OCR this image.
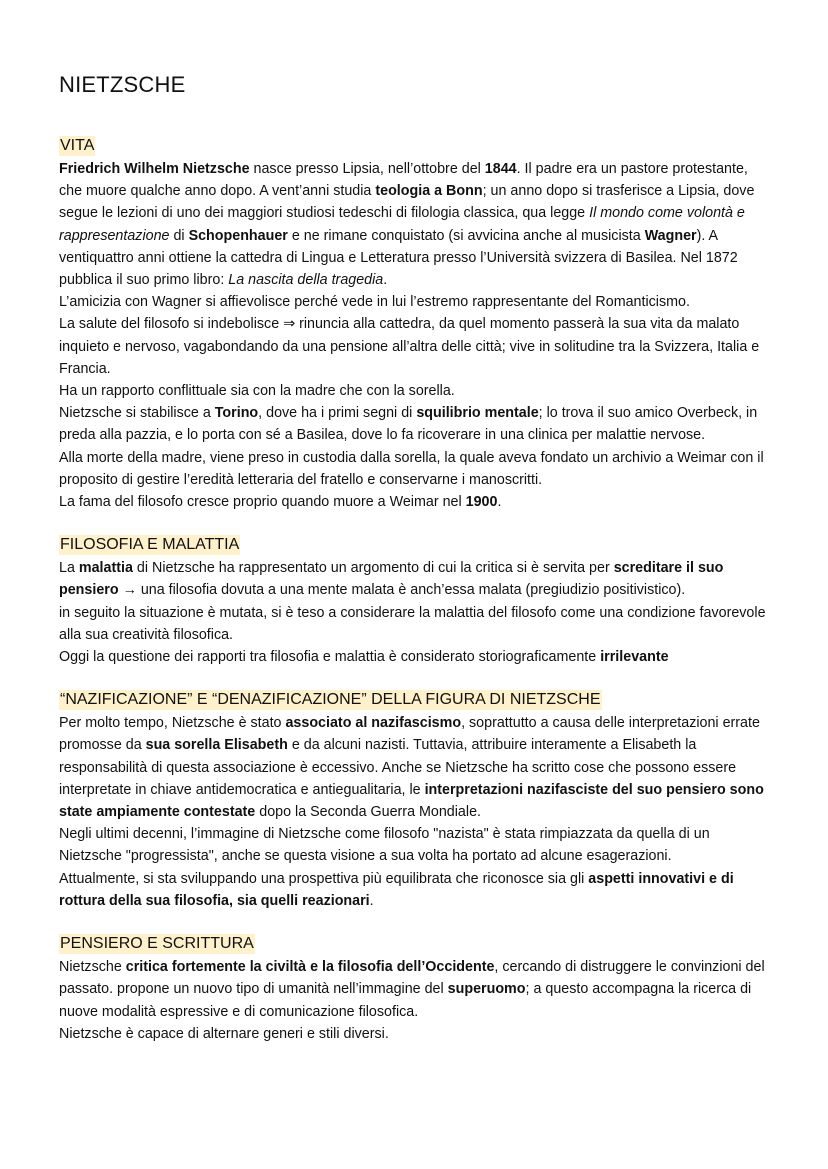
NIETZSCHE
VITA

Friedrich Wilhelm Nietzsche nasce presso Lipsia, nell’ottobre del 1844. Il padre era un pastore protestante, che muore qualche anno dopo. A vent’anni studia teologia a Bonn; un anno dopo si trasferisce a Lipsia, dove segue le lezioni di uno dei maggiori studiosi tedeschi di filologia classica, qua legge Il mondo come volontà e rappresentazione di Schopenhauer e ne rimane conquistato (si avvicina anche al musicista Wagner). A ventiquattro anni ottiene la cattedra di Lingua e Letteratura presso l’Università svizzera di Basilea. Nel 1872 pubblica il suo primo libro: La nascita della tragedia.

L’amicizia con Wagner si affievolisce perché vede in lui l’estremo rappresentante del Romanticismo.

La salute del filosofo si indebolisce ⇒ rinuncia alla cattedra, da quel momento passerà la sua vita da malato inquieto e nervoso, vagabondando da una pensione all’altra delle città; vive in solitudine tra la Svizzera, Italia e Francia.

Ha un rapporto conflittuale sia con la madre che con la sorella.

Nietzsche si stabilisce a Torino, dove ha i primi segni di squilibrio mentale; lo trova il suo amico Overbeck, in preda alla pazzia, e lo porta con sé a Basilea, dove lo fa ricoverare in una clinica per malattie nervose.

Alla morte della madre, viene preso in custodia dalla sorella, la quale aveva fondato un archivio a Weimar con il proposito di gestire l’eredità letteraria del fratello e conservarne i manoscritti.

La fama del filosofo cresce proprio quando muore a Weimar nel 1900.

FILOSOFIA E MALATTIA

La malattia di Nietzsche ha rappresentato un argomento di cui la critica si è servita per screditare il suo pensiero → una filosofia dovuta a una mente malata è anch’essa malata (pregiudizio positivistico).

in seguito la situazione è mutata, si è teso a considerare la malattia del filosofo come una condizione favorevole alla sua creatività filosofica.

Oggi la questione dei rapporti tra filosofia e malattia è considerato storiograficamente irrilevante

“NAZIFICAZIONE” E “DENAZIFICAZIONE” DELLA FIGURA DI NIETZSCHE

Per molto tempo, Nietzsche è stato associato al nazifascismo, soprattutto a causa delle interpretazioni errate promosse da sua sorella Elisabeth e da alcuni nazisti. Tuttavia, attribuire interamente a Elisabeth la responsabilità di questa associazione è eccessivo. Anche se Nietzsche ha scritto cose che possono essere interpretate in chiave antidemocratica e antiegualitaria, le interpretazioni nazifasciste del suo pensiero sono state ampiamente contestate dopo la Seconda Guerra Mondiale.

Negli ultimi decenni, l’immagine di Nietzsche come filosofo "nazista" è stata rimpiazzata da quella di un Nietzsche "progressista", anche se questa visione a sua volta ha portato ad alcune esagerazioni.

Attualmente, si sta sviluppando una prospettiva più equilibrata che riconosce sia gli aspetti innovativi e di rottura della sua filosofia, sia quelli reazionari.

PENSIERO E SCRITTURA

Nietzsche critica fortemente la civiltà e la filosofia dell’Occidente, cercando di distruggere le convinzioni del passato. propone un nuovo tipo di umanità nell’immagine del superuomo; a questo accompagna la ricerca di nuove modalità espressive e di comunicazione filosofica.

Nietzsche è capace di alternare generi e stili diversi.
